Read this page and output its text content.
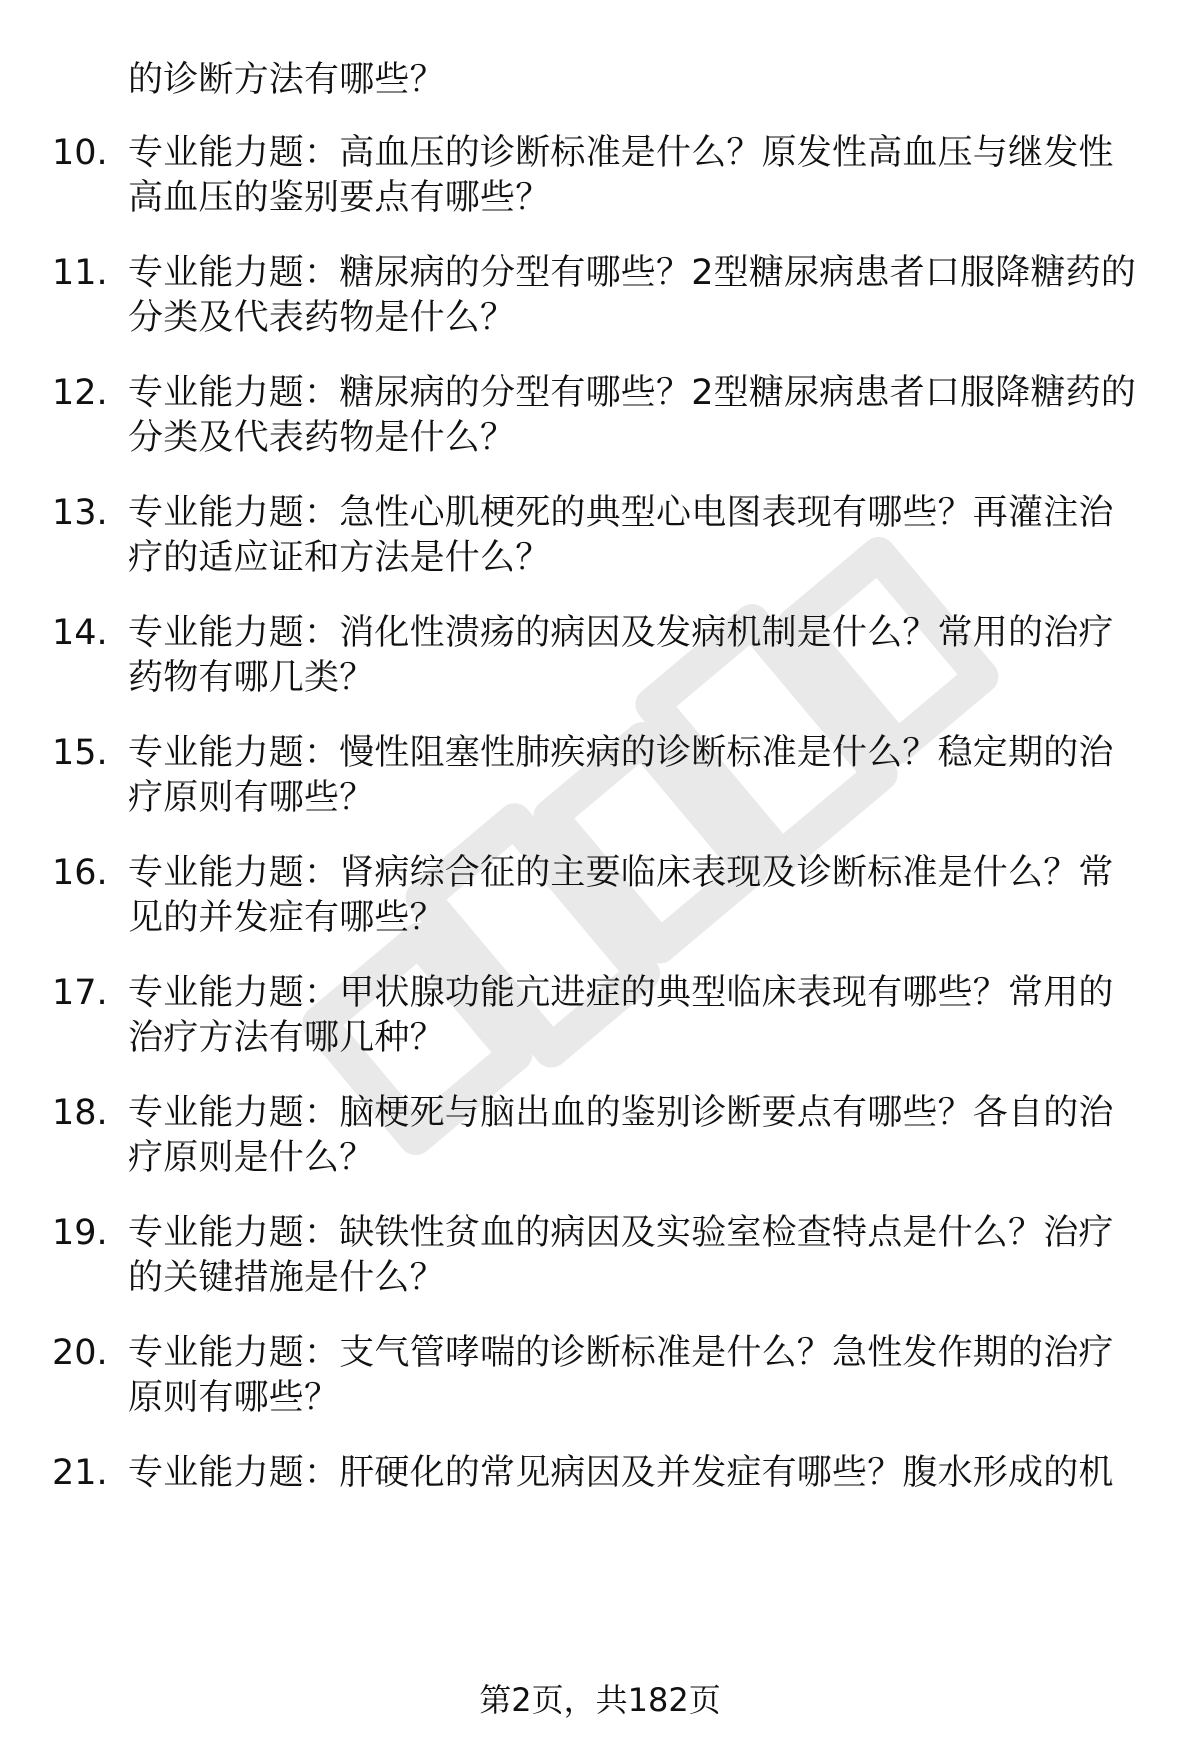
的诊断方法有哪些？
10. 专业能力题：高血压的诊断标准是什么？原发性高血压与继发性
高血压的鉴别要点有哪些？
11. 专业能力题：糖尿病的分型有哪些？2型糖尿病患者口服降糖药的
分类及代表药物是什么？
12. 专业能力题：糖尿病的分型有哪些？2型糖尿病患者口服降糖药的
分类及代表药物是什么？
13. 专业能力题：急性心肌梗死的典型心电图表现有哪些？再灌注治
疗的适应证和方法是什么？
14. 专业能力题：消化性溃疡的病因及发病机制是什么？常用的治疗
药物有哪几类？
15. 专业能力题：慢性阻塞性肺疾病的诊断标准是什么？稳定期的治
疗原则有哪些？
16. 专业能力题：肾病综合征的主要临床表现及诊断标准是什么？常
见的并发症有哪些？
17. 专业能力题：甲状腺功能亢进症的典型临床表现有哪些？常用的
治疗方法有哪几种？
18. 专业能力题：脑梗死与脑出血的鉴别诊断要点有哪些？各自的治
疗原则是什么？
19. 专业能力题：缺铁性贫血的病因及实验室检查特点是什么？治疗
的关键措施是什么？
20. 专业能力题：支气管哮喘的诊断标准是什么？急性发作期的治疗
原则有哪些？
21. 专业能力题：肝硬化的常见病因及并发症有哪些？腹水形成的机
第2页，共182页
